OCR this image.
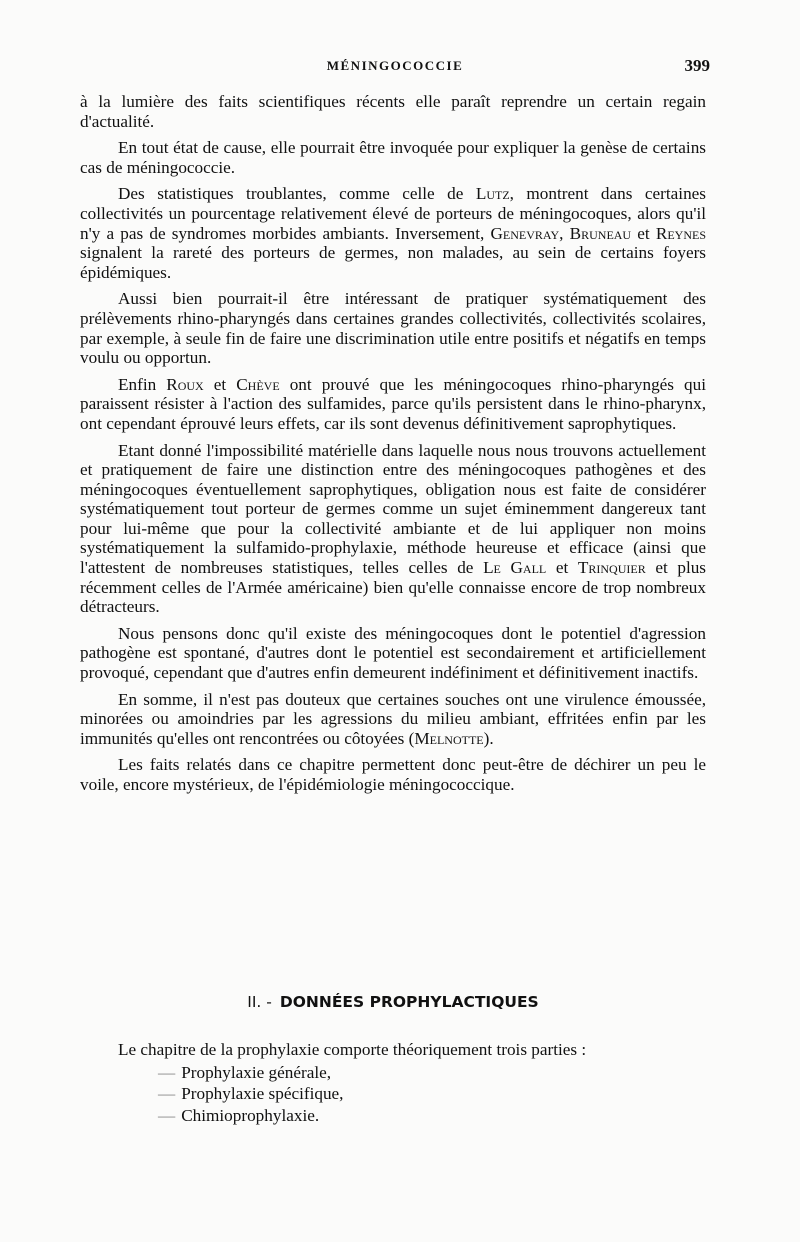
MÉNINGOCOCCIE	399

à la lumière des faits scientifiques récents elle paraît reprendre un certain regain d'actualité.

En tout état de cause, elle pourrait être invoquée pour expliquer la genèse de certains cas de méningococcie.

Des statistiques troublantes, comme celle de Lutz, montrent dans certaines collectivités un pourcentage relativement élevé de porteurs de méningocoques, alors qu'il n'y a pas de syndromes morbides ambiants. Inversement, Genevray, Bruneau et Reynes signalent la rareté des porteurs de germes, non malades, au sein de certains foyers épidémiques.

Aussi bien pourrait-il être intéressant de pratiquer systématiquement des prélèvements rhino-pharyngés dans certaines grandes collectivités, collectivités scolaires, par exemple, à seule fin de faire une discrimination utile entre positifs et négatifs en temps voulu ou opportun.

Enfin Roux et Chève ont prouvé que les méningocoques rhino-pharyngés qui paraissent résister à l'action des sulfamides, parce qu'ils persistent dans le rhino-pharynx, ont cependant éprouvé leurs effets, car ils sont devenus définitivement saprophytiques.

Etant donné l'impossibilité matérielle dans laquelle nous nous trouvons actuellement et pratiquement de faire une distinction entre des méningocoques pathogènes et des méningocoques éventuellement saprophytiques, obligation nous est faite de considérer systématiquement tout porteur de germes comme un sujet éminemment dangereux tant pour lui-même que pour la collectivité ambiante et de lui appliquer non moins systématiquement la sulfamido-prophylaxie, méthode heureuse et efficace (ainsi que l'attestent de nombreuses statistiques, telles celles de Le Gall et Trinquier et plus récemment celles de l'Armée américaine) bien qu'elle connaisse encore de trop nombreux détracteurs.

Nous pensons donc qu'il existe des méningocoques dont le potentiel d'agression pathogène est spontané, d'autres dont le potentiel est secondairement et artificiellement provoqué, cependant que d'autres enfin demeurent indéfiniment et définitivement inactifs.

En somme, il n'est pas douteux que certaines souches ont une virulence émoussée, minorées ou amoindries par les agressions du milieu ambiant, effritées enfin par les immunités qu'elles ont rencontrées ou côtoyées (Melnotte).

Les faits relatés dans ce chapitre permettent donc peut-être de déchirer un peu le voile, encore mystérieux, de l'épidémiologie méningococcique.

II. - DONNÉES PROPHYLACTIQUES

Le chapitre de la prophylaxie comporte théoriquement trois parties :

— Prophylaxie générale,
— Prophylaxie spécifique,
— Chimioprophylaxie.
